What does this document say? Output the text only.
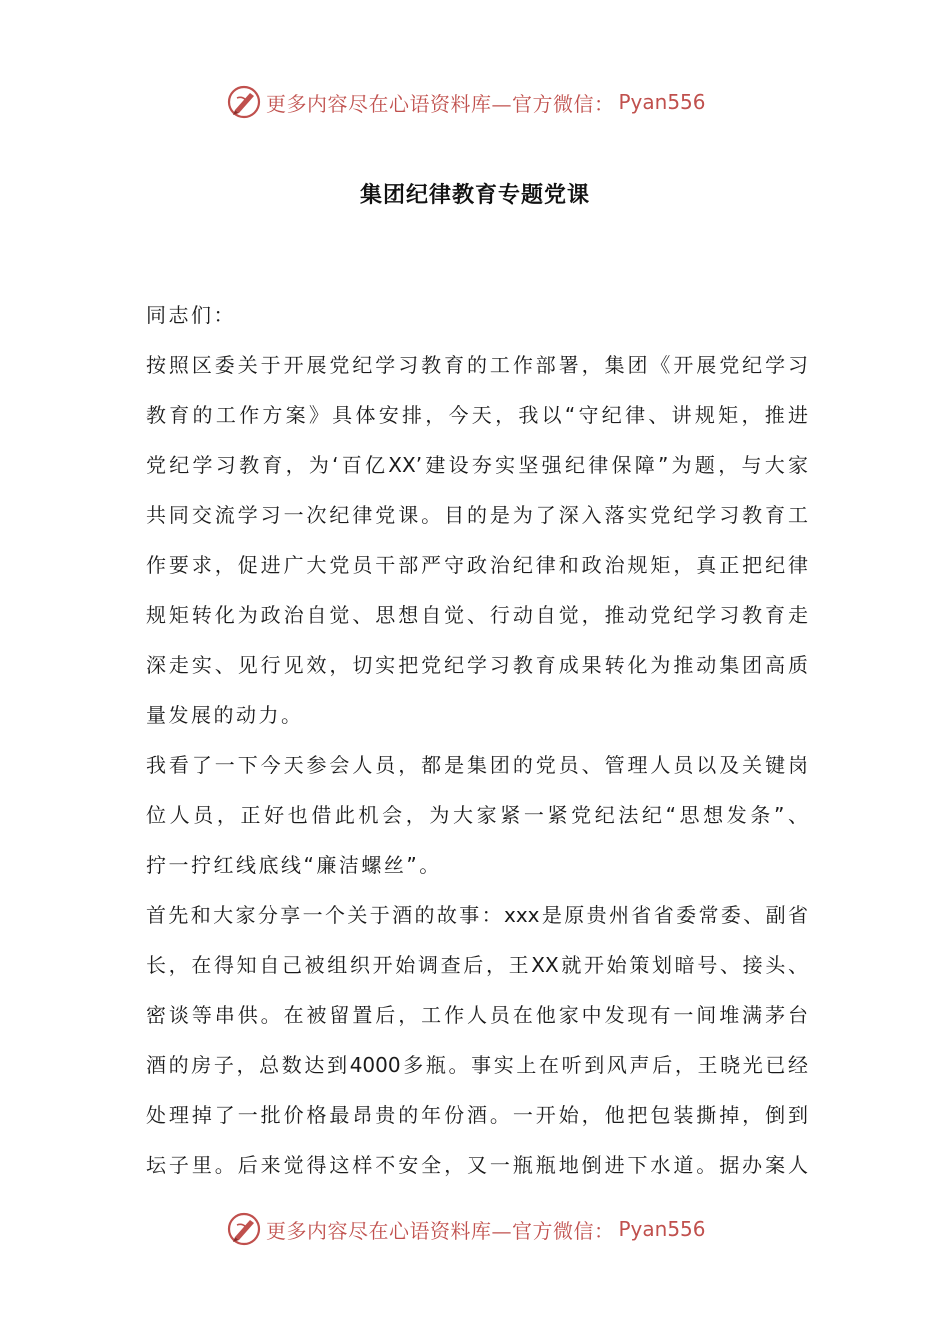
更多内容尽在心语资料库—官方微信： Pyan556
集团纪律教育专题党课
同志们：
按照区委关于开展党纪学习教育的工作部署，集团《开展党纪学习
教育的工作方案》具体安排，今天，我以“守纪律、讲规矩，推进
党纪学习教育，为‘百亿XX’建设夯实坚强纪律保障”为题，与大家
共同交流学习一次纪律党课。目的是为了深入落实党纪学习教育工
作要求，促进广大党员干部严守政治纪律和政治规矩，真正把纪律
规矩转化为政治自觉、思想自觉、行动自觉，推动党纪学习教育走
深走实、见行见效，切实把党纪学习教育成果转化为推动集团高质
量发展的动力。
我看了一下今天参会人员，都是集团的党员、管理人员以及关键岗
位人员，正好也借此机会，为大家紧一紧党纪法纪“思想发条”、
拧一拧红线底线“廉洁螺丝”。
首先和大家分享一个关于酒的故事：xxx是原贵州省省委常委、副省
长，在得知自己被组织开始调查后，王XX就开始策划暗号、接头、
密谈等串供。在被留置后，工作人员在他家中发现有一间堆满茅台
酒的房子，总数达到4000多瓶。事实上在听到风声后，王晓光已经
处理掉了一批价格最昂贵的年份酒。一开始，他把包装撕掉，倒到
坛子里。后来觉得这样不安全，又一瓶瓶地倒进下水道。据办案人
更多内容尽在心语资料库—官方微信： Pyan556
